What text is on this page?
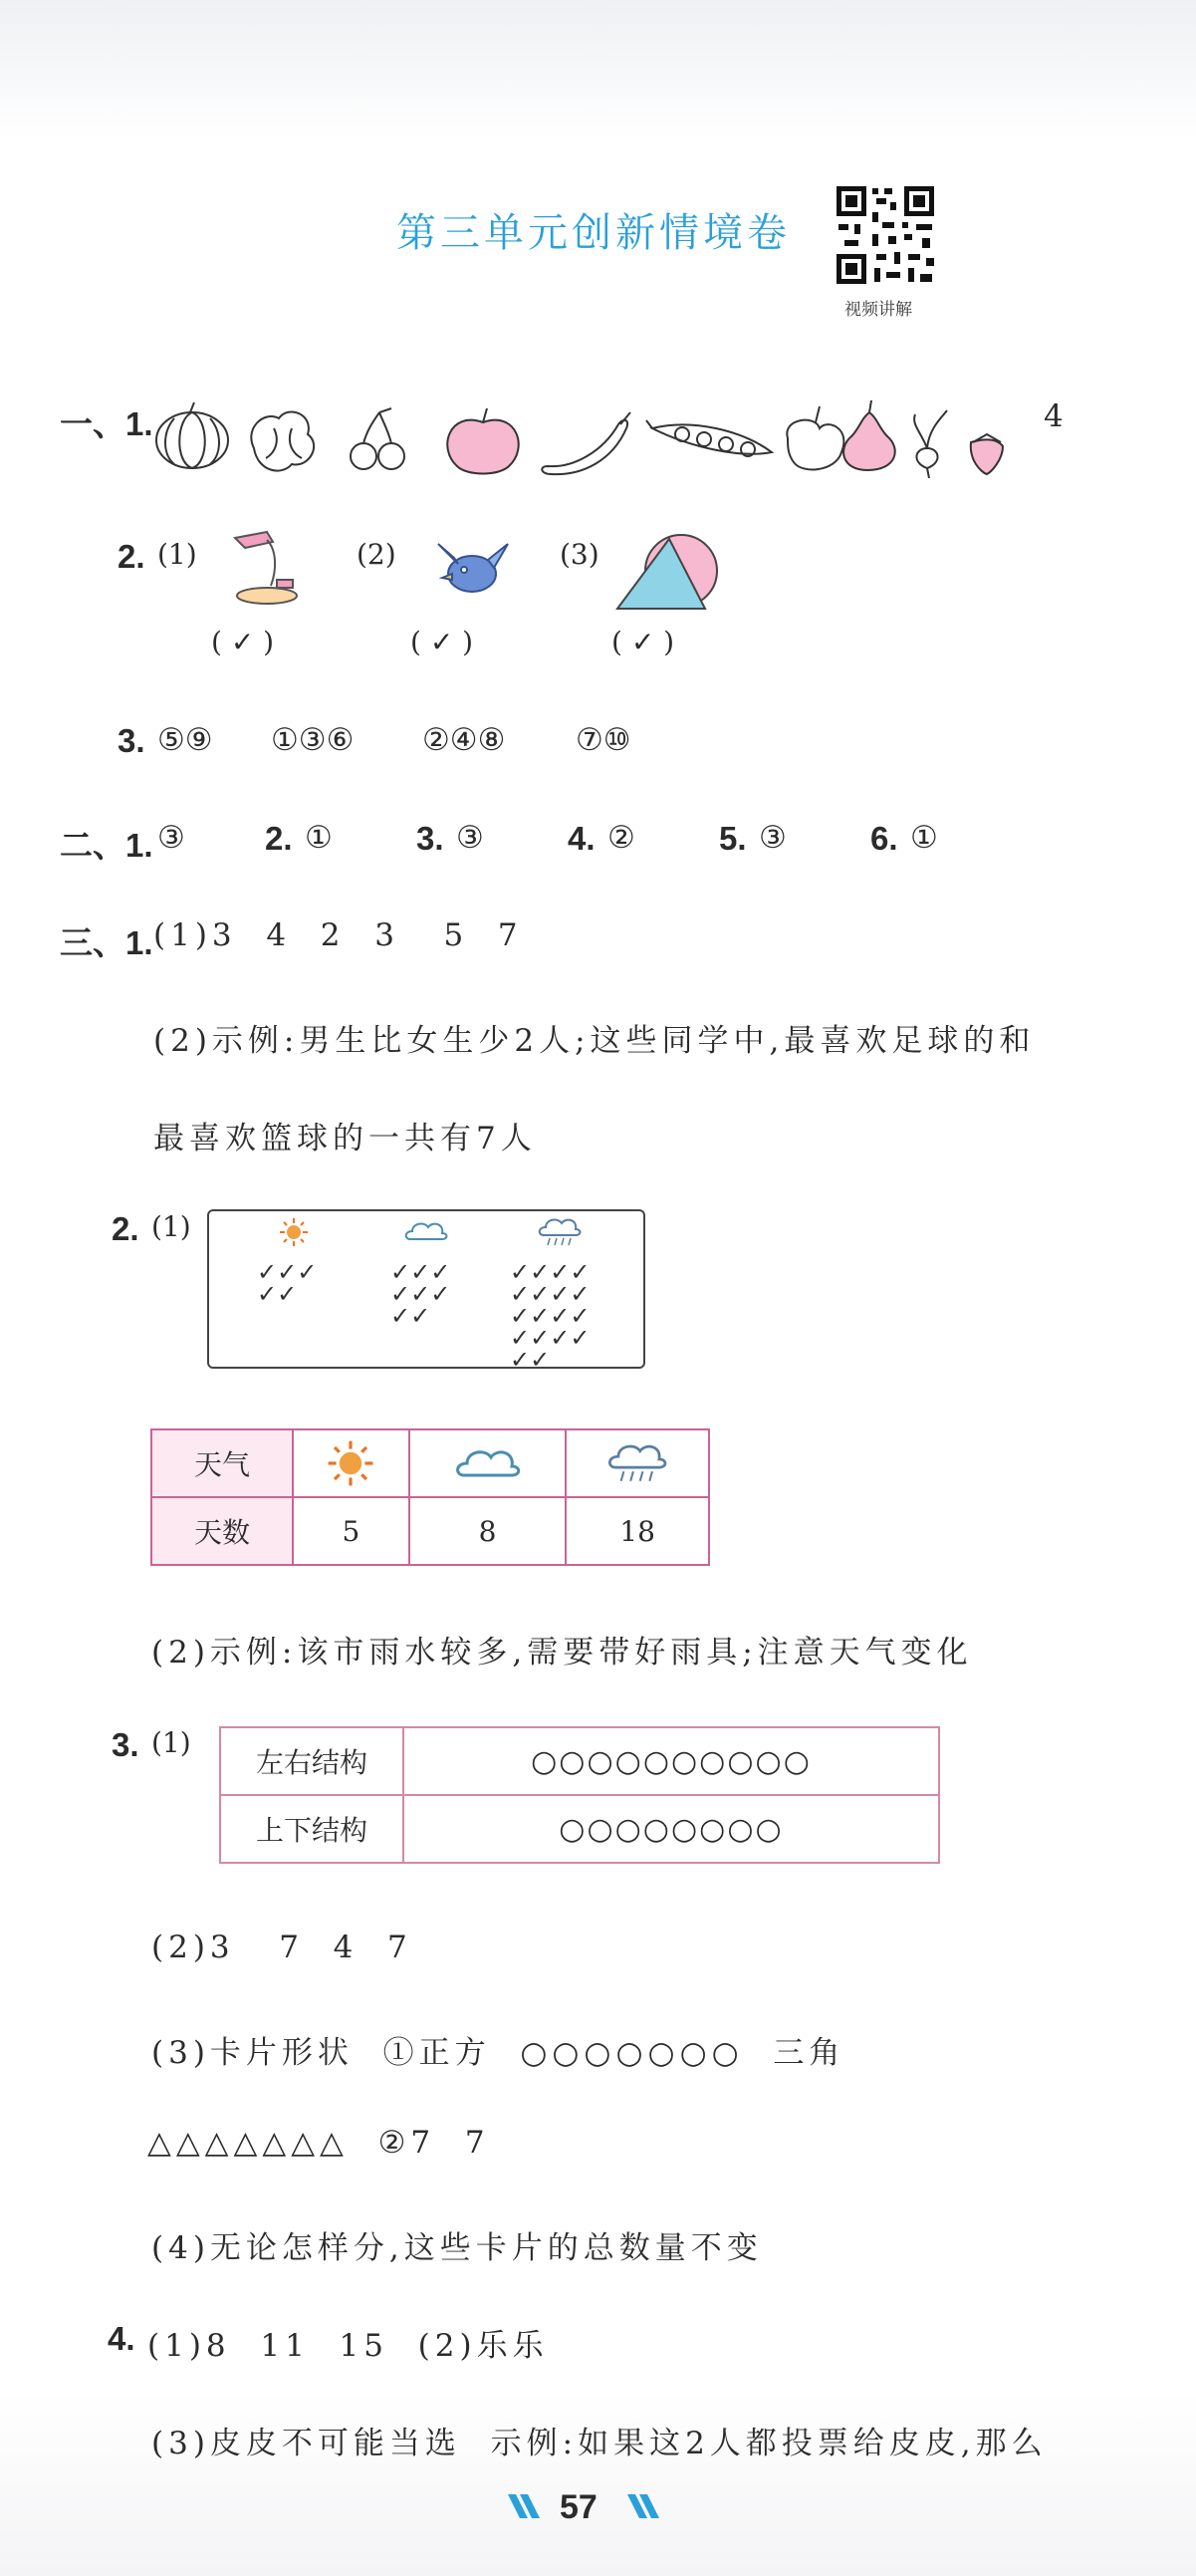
第三单元创新情境卷
视频讲解
一、1.	4
2. (1)
( ✓ )
(2)
( ✓ )
(3)
( ✓ )
3. ⑤⑨ ①③⑥ ②④⑧ ⑦⑩
二、1. ③ 2. ①	3. ③	4. ②	5. ③	6. ①
三、1. (1)3  4  2  3   5  7
(2)示例:男生比女生少2人;这些同学中,最喜欢足球的和
最喜欢篮球的一共有7人
2. (1)
✓✓✓
✓✓
✓✓✓
✓✓✓
✓✓
✓✓✓✓
✓✓✓✓
✓✓✓✓
✓✓✓✓
✓✓
天气			
天数	5	8	18
(2)示例:该市雨水较多,需要带好雨具;注意天气变化
3. (1)
左右结构	○○○○○○○○○○
上下结构	○○○○○○○○
(2)3   7  4  7
(3)卡片形状  ①正方  ○○○○○○○  三角
△△△△△△△  ②7  7
(4)无论怎样分,这些卡片的总数量不变
4. (1)8  11  15  (2)乐乐
(3)皮皮不可能当选  示例:如果这2人都投票给皮皮,那么
57
